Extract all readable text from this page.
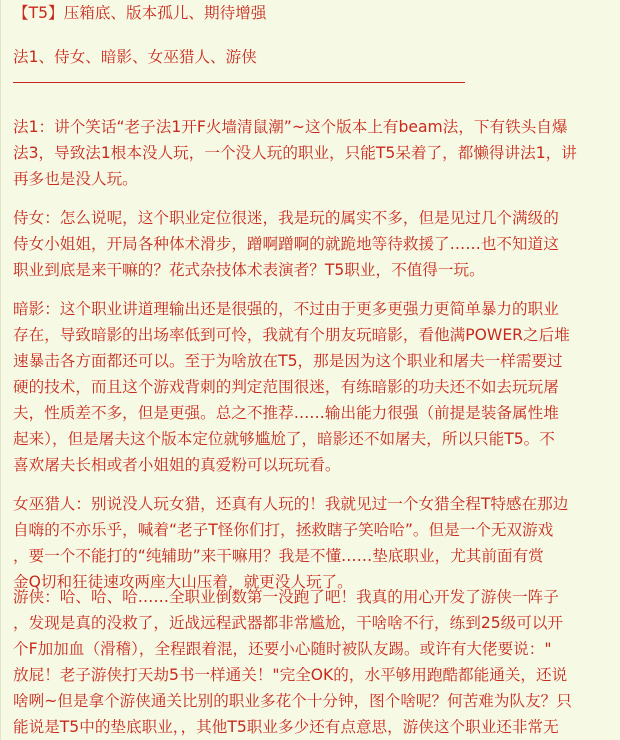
【T5】压箱底、版本孤儿、期待增强
法1、侍女、暗影、女巫猎人、游侠
法1：讲个笑话“老子法1开F火墙清鼠潮”~这个版本上有beam法，下有铁头自爆
法3，导致法1根本没人玩，一个没人玩的职业，只能T5呆着了，都懒得讲法1，讲
再多也是没人玩。
侍女：怎么说呢，这个职业定位很迷，我是玩的属实不多，但是见过几个满级的
侍女小姐姐，开局各种体术滑步，蹭啊蹭啊的就跪地等待救援了……也不知道这
职业到底是来干嘛的？花式杂技体术表演者？T5职业，不值得一玩。
暗影：这个职业讲道理输出还是很强的，不过由于更多更强力更简单暴力的职业
存在，导致暗影的出场率低到可怜，我就有个朋友玩暗影，看他满POWER之后堆
速暴击各方面都还可以。至于为啥放在T5，那是因为这个职业和屠夫一样需要过
硬的技术，而且这个游戏背刺的判定范围很迷，有练暗影的功夫还不如去玩玩屠
夫，性质差不多，但是更强。总之不推荐……输出能力很强（前提是装备属性堆
起来），但是屠夫这个版本定位就够尴尬了，暗影还不如屠夫，所以只能T5。不
喜欢屠夫长相或者小姐姐的真爱粉可以玩玩看。
女巫猎人：别说没人玩女猎，还真有人玩的！我就见过一个女猎全程T特感在那边
自嗨的不亦乐乎，喊着“老子T怪你们打，拯救瞎子笑哈哈”。但是一个无双游戏
，要一个不能打的“纯辅助”来干嘛用？我是不懂……垫底职业，尤其前面有赏
金Q切和狂徒速攻两座大山压着，就更没人玩了。
游侠：哈、哈、哈……全职业倒数第一没跑了吧！我真的用心开发了游侠一阵子
，发现是真的没救了，近战远程武器都非常尴尬，干啥啥不行，练到25级可以开
个F加加血（滑稽），全程跟着混，还要小心随时被队友踢。或许有大佬要说："
放屁！老子游侠打天劫5书一样通关！"完全OK的，水平够用跑酷都能通关，还说
啥咧~但是拿个游侠通关比别的职业多花个十分钟，图个啥呢？何苦难为队友？只
能说是T5中的垫底职业，，其他T5职业多少还有点意思，游侠这个职业还非常无
